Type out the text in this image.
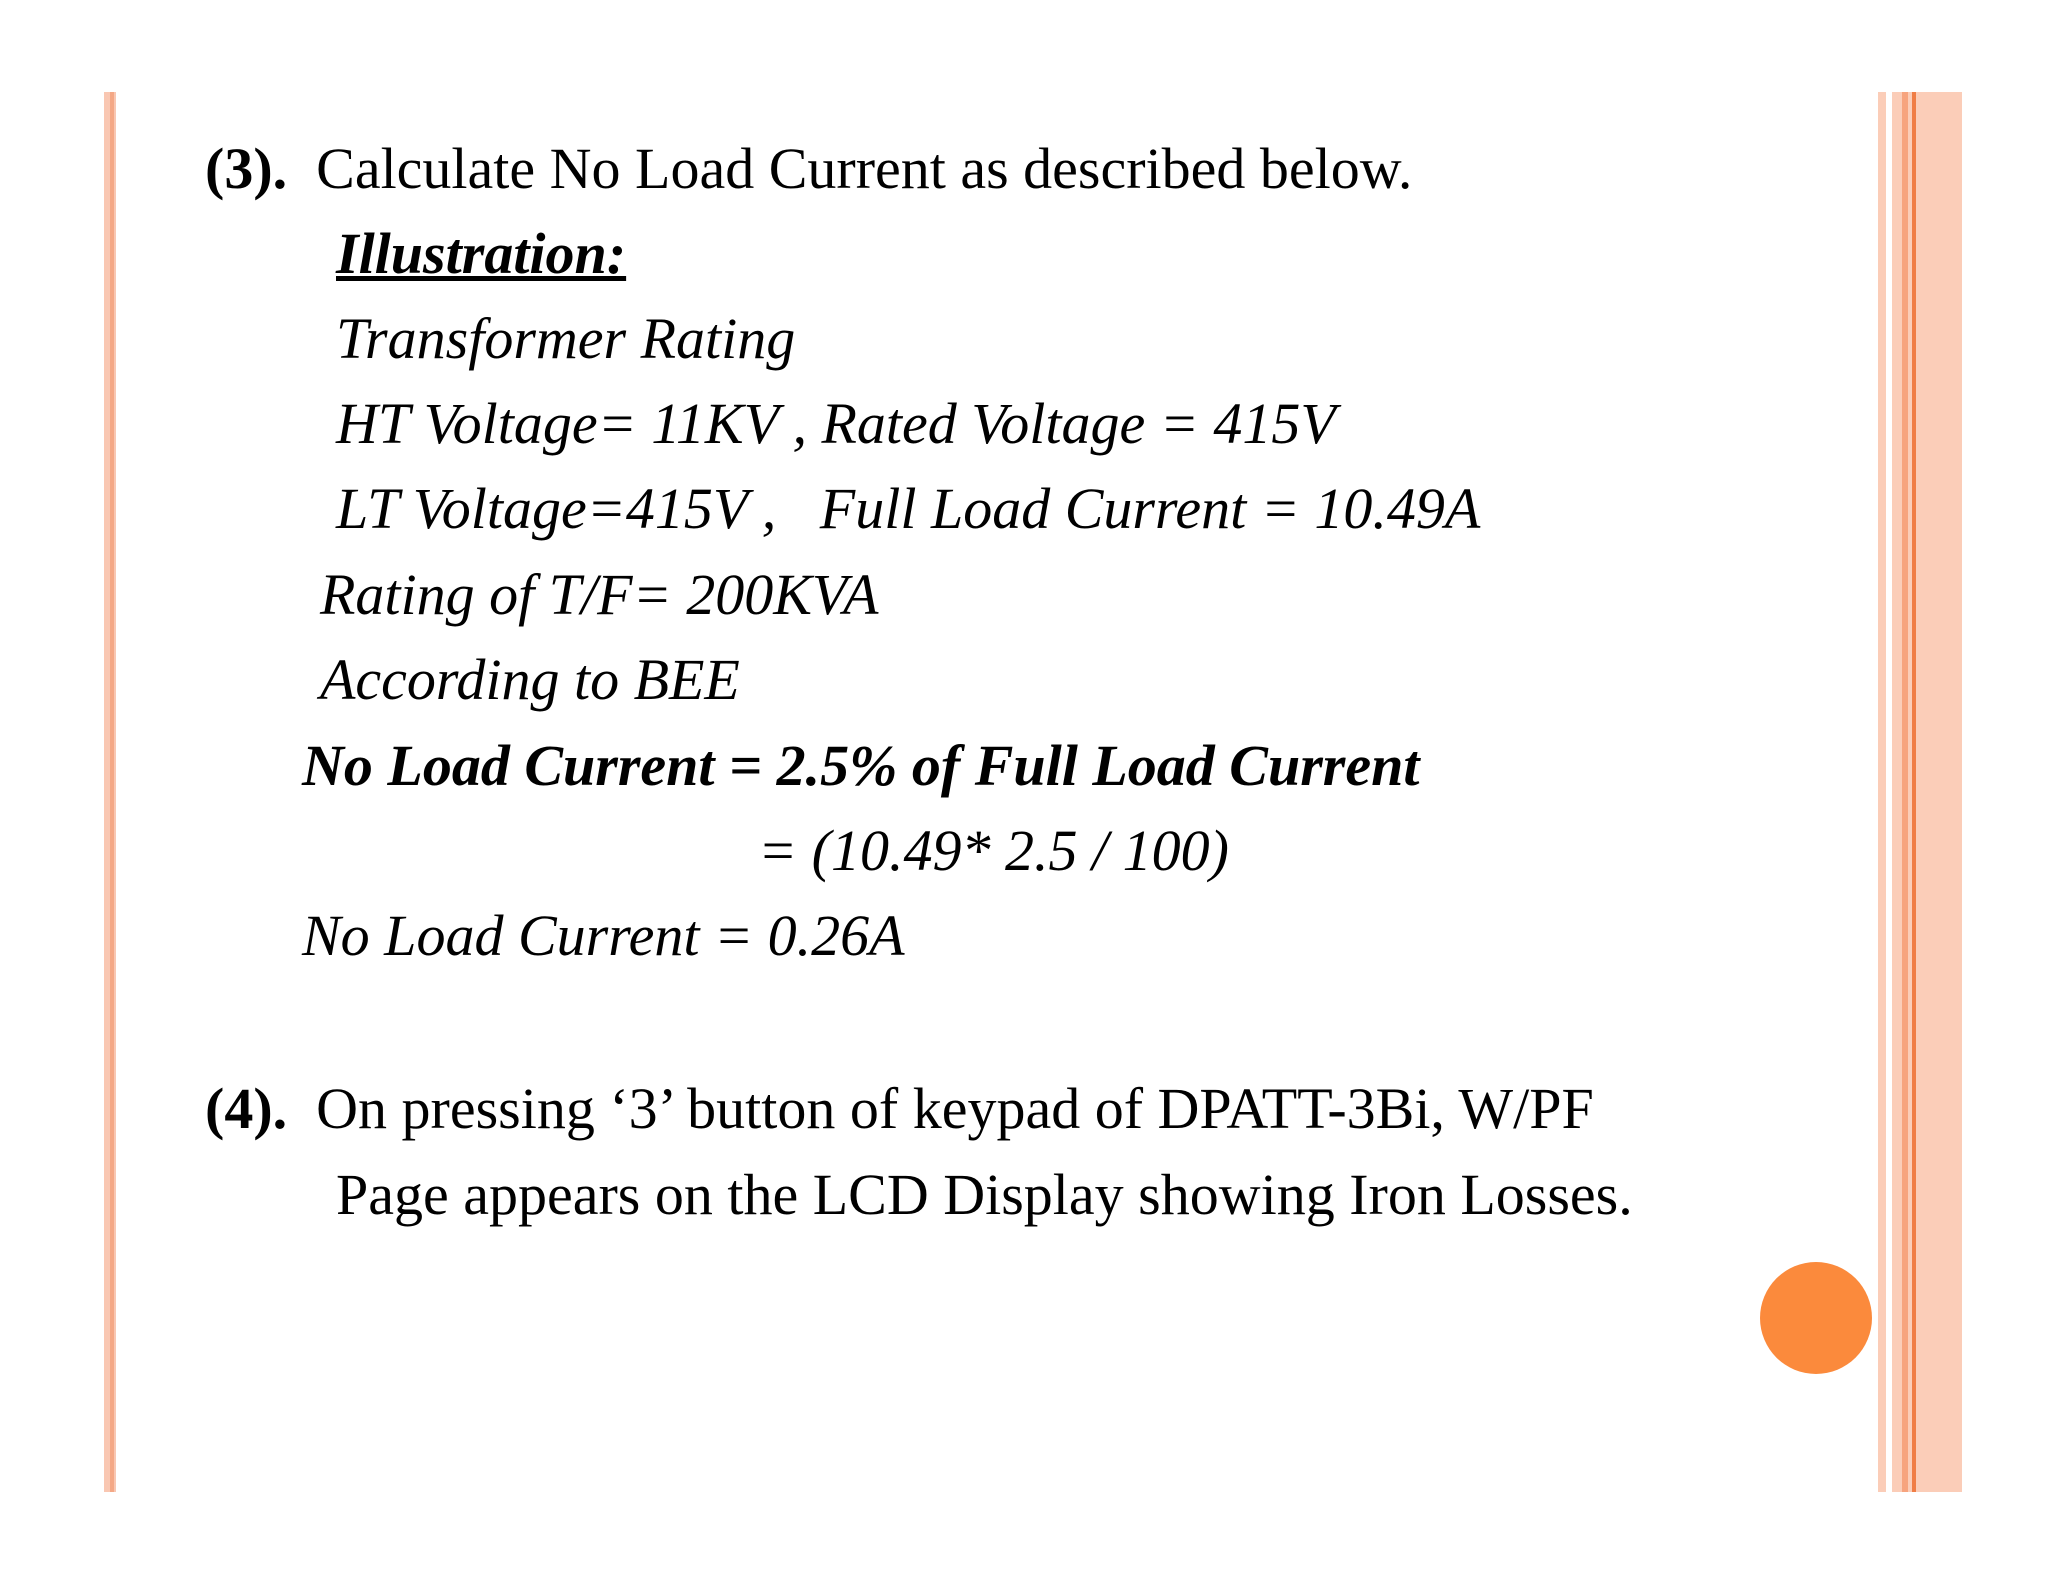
(3). Calculate No Load Current as described below.
Illustration:
Transformer Rating
HT Voltage= 11KV , Rated Voltage = 415V
LT Voltage=415V ,   Full Load Current = 10.49A
Rating of T/F= 200KVA
According to BEE
No Load Current = 2.5% of Full Load Current
= (10.49* 2.5 / 100)
No Load Current = 0.26A
(4). On pressing ‘3’ button of keypad of DPATT-3Bi, W/PF
Page appears on the LCD Display showing Iron Losses.
